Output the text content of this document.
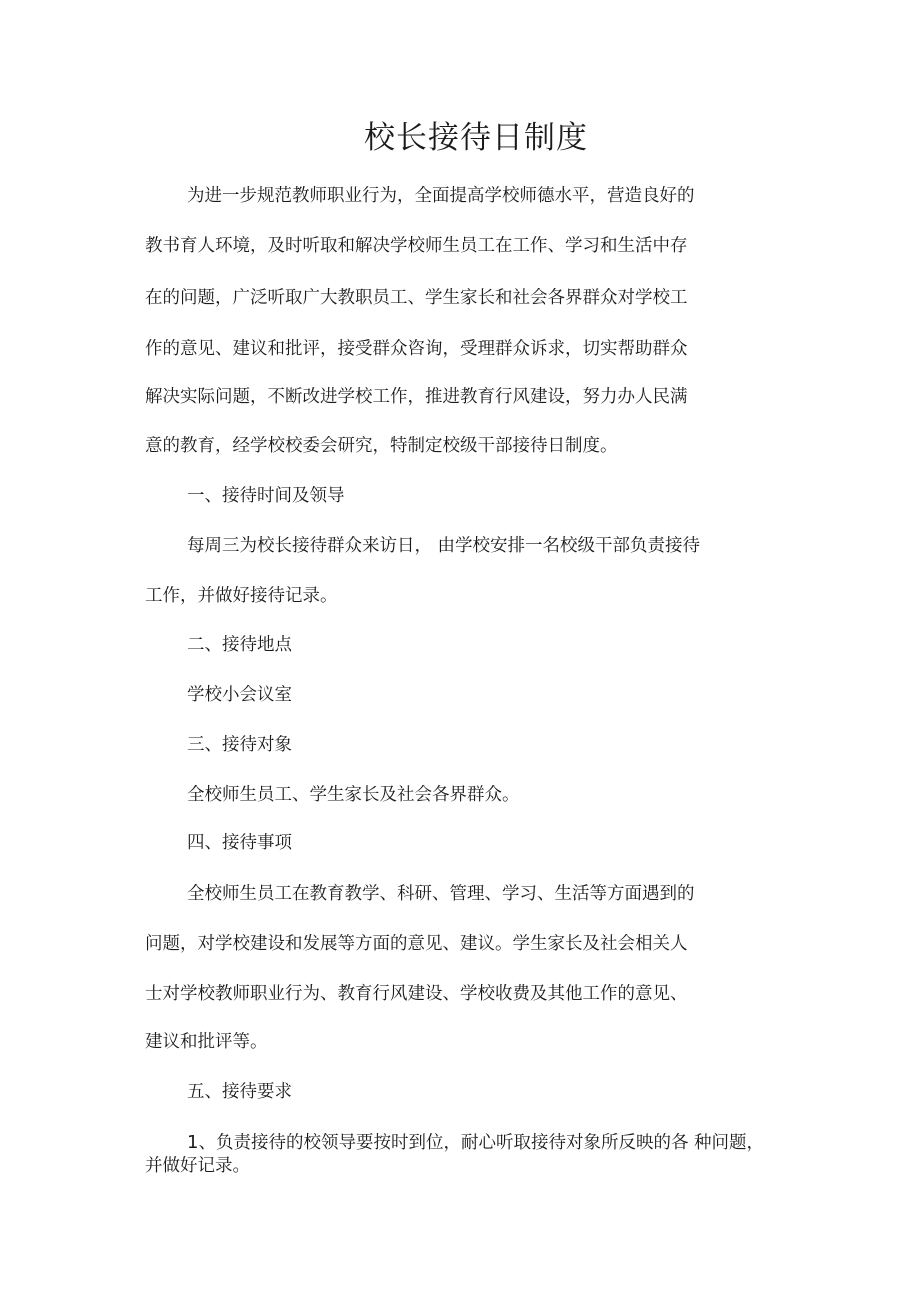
校长接待日制度
为进一步规范教师职业行为，全面提高学校师德水平，营造良好的
教书育人环境，及时听取和解决学校师生员工在工作、学习和生活中存
在的问题，广泛听取广大教职员工、学生家长和社会各界群众对学校工
作的意见、建议和批评，接受群众咨询，受理群众诉求，切实帮助群众
解决实际问题，不断改进学校工作，推进教育行风建设，努力办人民满
意的教育，经学校校委会研究，特制定校级干部接待日制度。
一、接待时间及领导
每周三为校长接待群众来访日， 由学校安排一名校级干部负责接待
工作，并做好接待记录。
二、接待地点
学校小会议室
三、接待对象
全校师生员工、学生家长及社会各界群众。
四、接待事项
全校师生员工在教育教学、科研、管理、学习、生活等方面遇到的
问题，对学校建设和发展等方面的意见、建议。学生家长及社会相关人
士对学校教师职业行为、教育行风建设、学校收费及其他工作的意见、
建议和批评等。
五、接待要求
1、负责接待的校领导要按时到位，耐心听取接待对象所反映的各 种问题，
并做好记录。
